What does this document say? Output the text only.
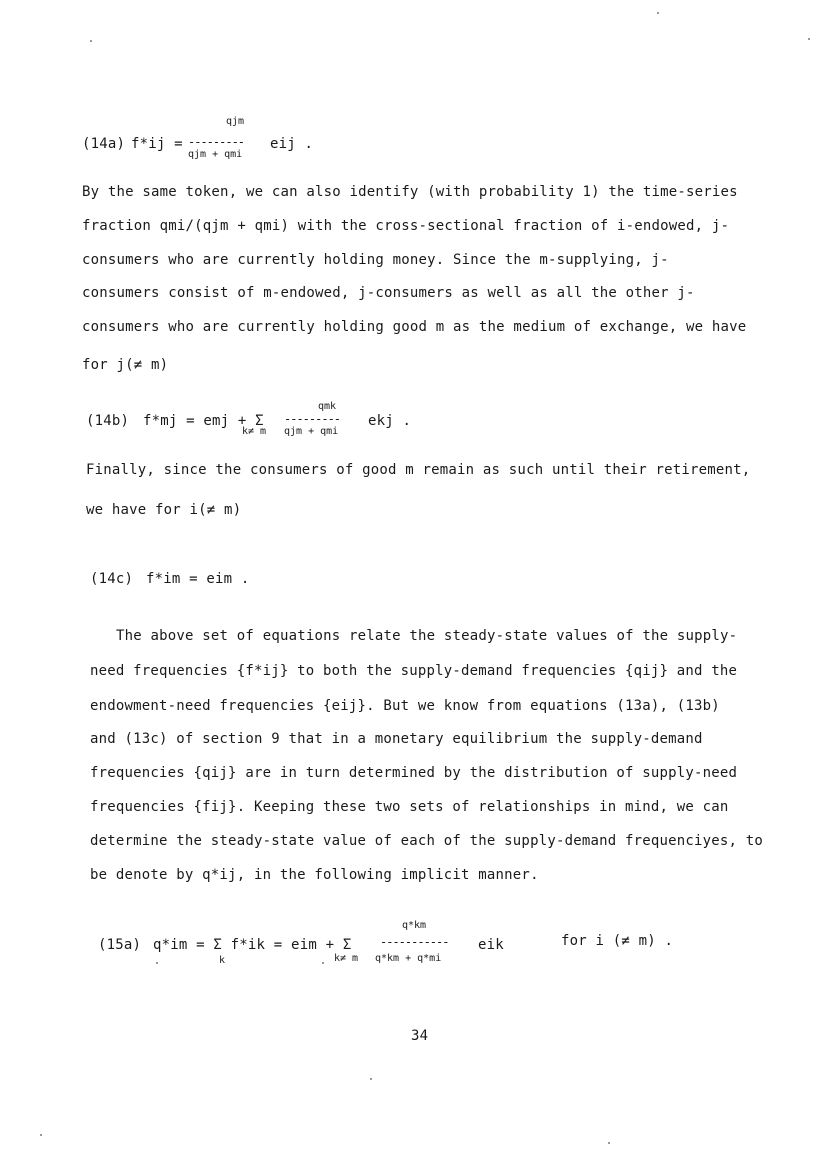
(14a) f*ij =
qjm
---------
qjm + qmi
eij .
By the same token, we can also identify (with probability 1) the time-series
fraction qmi/(qjm + qmi) with the cross-sectional fraction of i-endowed, j-
consumers who are currently holding money. Since the m-supplying, j-
consumers consist of m-endowed, j-consumers as well as all the other j-
consumers who are currently holding good m as the medium of exchange, we have
for j(≠ m)
(14b) f*mj = emj + Σ
k≠ m
qmk
---------
qjm + qmi
ekj .
Finally, since the consumers of good m remain as such until their retirement,
we have for i(≠ m)
(14c) f*im = eim .
The above set of equations relate the steady-state values of the supply-
need frequencies {f*ij} to both the supply-demand frequencies {qij} and the
endowment-need frequencies {eij}. But we know from equations (13a), (13b)
and (13c) of section 9 that in a monetary equilibrium the supply-demand
frequencies {qij} are in turn determined by the distribution of supply-need
frequencies {fij}. Keeping these two sets of relationships in mind, we can
determine the steady-state value of each of the supply-demand frequenciyes, to
be denote by q*ij, in the following implicit manner.
(15a) q*im = Σ f*ik = eim + Σ
k	k≠ m
q*km
-----------
q*km + q*mi
eik	for i (≠ m) .
34
